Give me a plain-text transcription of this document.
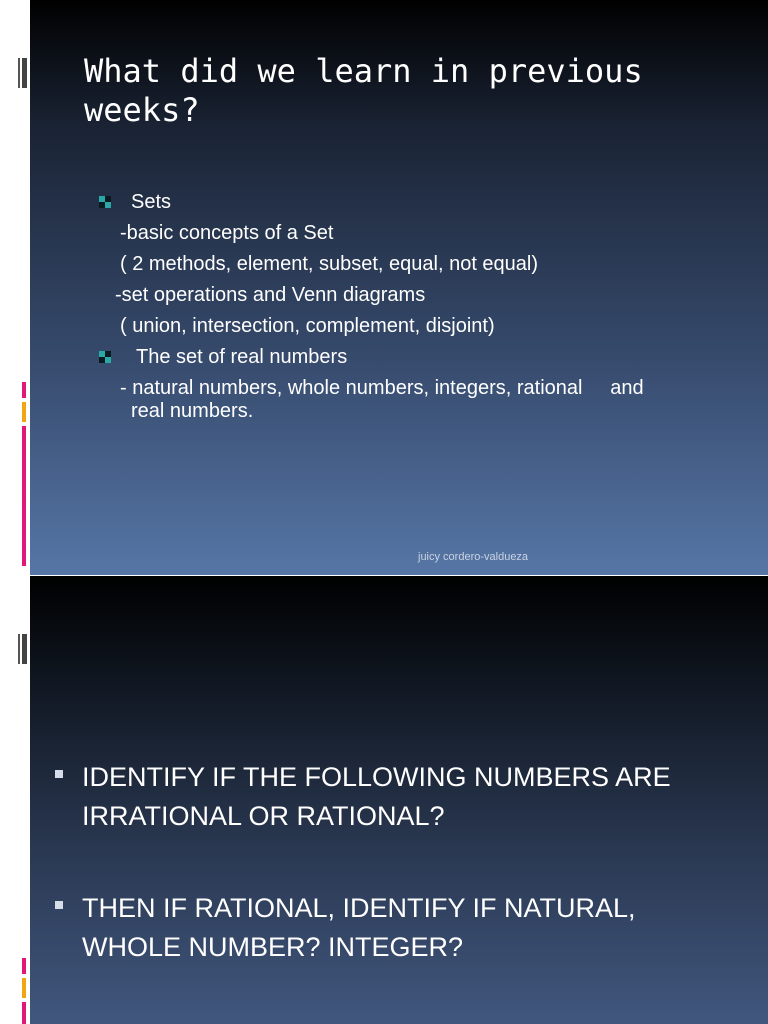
What did we learn in previous weeks?

Sets

-basic concepts of a Set

( 2 methods, element, subset, equal, not equal)

-set operations and Venn diagrams

( union, intersection, complement, disjoint)

The set of real numbers

- natural numbers, whole numbers, integers, rational     and

real numbers.

juicy cordero-valdueza

IDENTIFY IF THE FOLLOWING NUMBERS ARE IRRATIONAL OR RATIONAL?

THEN IF RATIONAL, IDENTIFY IF NATURAL, WHOLE NUMBER? INTEGER?
